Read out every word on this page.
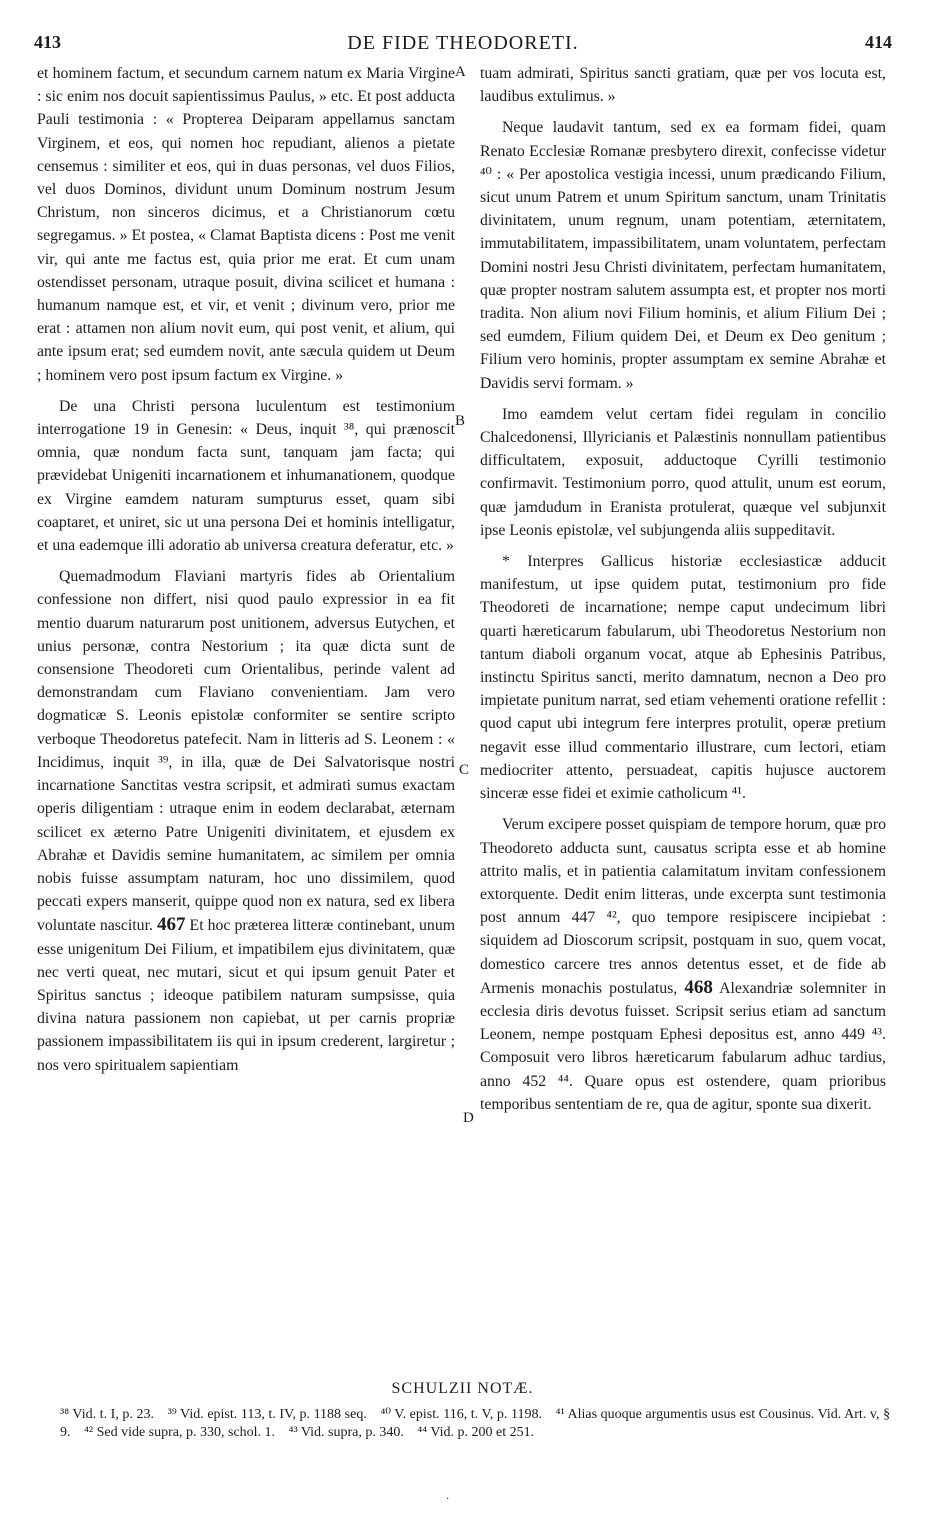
413	DE FIDE THEODORETI.	414
A
B
C
D

et hominem factum, et secundum carnem natum ex Maria Virgine : sic enim nos docuit sapientissimus Paulus, » etc. Et post adducta Pauli testimonia : « Propterea Deiparam appellamus sanctam Virginem, et eos, qui nomen hoc repudiant, alienos a pietate censemus : similiter et eos, qui in duas personas, vel duos Filios, vel duos Dominos, dividunt unum Dominum nostrum Jesum Christum, non sinceros dicimus, et a Christianorum cœtu segregamus. » Et postea, « Clamat Baptista dicens : Post me venit vir, qui ante me factus est, quia prior me erat. Et cum unam ostendisset personam, utraque posuit, divina scilicet et humana : humanum namque est, et vir, et venit ; divinum vero, prior me erat : attamen non alium novit eum, qui post venit, et alium, qui ante ipsum erat; sed eumdem novit, ante sæcula quidem ut Deum ; hominem vero post ipsum factum ex Virgine. »

De una Christi persona luculentum est testimonium interrogatione 19 in Genesin: « Deus, inquit ³⁸, qui prænoscit omnia, quæ nondum facta sunt, tanquam jam facta; qui prævidebat Unigeniti incarnationem et inhumanationem, quodque ex Virgine eamdem naturam sumpturus esset, quam sibi coaptaret, et uniret, sic ut una persona Dei et hominis intelligatur, et una eademque illi adoratio ab universa creatura deferatur, etc. »

Quemadmodum Flaviani martyris fides ab Orientalium confessione non differt, nisi quod paulo expressior in ea fit mentio duarum naturarum post unitionem, adversus Eutychen, et unius personæ, contra Nestorium ; ita quæ dicta sunt de consensione Theodoreti cum Orientalibus, perinde valent ad demonstrandam cum Flaviano convenientiam. Jam vero dogmaticæ S. Leonis epistolæ conformiter se sentire scripto verboque Theodoretus patefecit. Nam in litteris ad S. Leonem : « Incidimus, inquit ³⁹, in illa, quæ de Dei Salvatorisque nostri incarnatione Sanctitas vestra scripsit, et admirati sumus exactam operis diligentiam : utraque enim in eodem declarabat, æternam scilicet ex æterno Patre Unigeniti divinitatem, et ejusdem ex Abrahæ et Davidis semine humanitatem, ac similem per omnia nobis fuisse assumptam naturam, hoc uno dissimilem, quod peccati expers manserit, quippe quod non ex natura, sed ex libera voluntate nascitur. 467 Et hoc præterea litteræ continebant, unum esse unigenitum Dei Filium, et impatibilem ejus divinitatem, quæ nec verti queat, nec mutari, sicut et qui ipsum genuit Pater et Spiritus sanctus ; ideoque patibilem naturam sumpsisse, quia divina natura passionem non capiebat, ut per carnis propriæ passionem impassibilitatem iis qui in ipsum crederent, largiretur ; nos vero spiritualem sapientiam

tuam admirati, Spiritus sancti gratiam, quæ per vos locuta est, laudibus extulimus. »

Neque laudavit tantum, sed ex ea formam fidei, quam Renato Ecclesiæ Romanæ presbytero direxit, confecisse videtur ⁴⁰ : « Per apostolica vestigia incessi, unum prædicando Filium, sicut unum Patrem et unum Spiritum sanctum, unam Trinitatis divinitatem, unum regnum, unam potentiam, æternitatem, immutabilitatem, impassibilitatem, unam voluntatem, perfectam Domini nostri Jesu Christi divinitatem, perfectam humanitatem, quæ propter nostram salutem assumpta est, et propter nos morti tradita. Non alium novi Filium hominis, et alium Filium Dei ; sed eumdem, Filium quidem Dei, et Deum ex Deo genitum ; Filium vero hominis, propter assumptam ex semine Abrahæ et Davidis servi formam. »

Imo eamdem velut certam fidei regulam in concilio Chalcedonensi, Illyricianis et Palæstinis nonnullam patientibus difficultatem, exposuit, adductoque Cyrilli testimonio confirmavit. Testimonium porro, quod attulit, unum est eorum, quæ jamdudum in Eranista protulerat, quæque vel subjunxit ipse Leonis epistolæ, vel subjungenda aliis suppeditavit.

* Interpres Gallicus historiæ ecclesiasticæ adducit manifestum, ut ipse quidem putat, testimonium pro fide Theodoreti de incarnatione; nempe caput undecimum libri quarti hæreticarum fabularum, ubi Theodoretus Nestorium non tantum diaboli organum vocat, atque ab Ephesinis Patribus, instinctu Spiritus sancti, merito damnatum, necnon a Deo pro impietate punitum narrat, sed etiam vehementi oratione refellit : quod caput ubi integrum fere interpres protulit, operæ pretium negavit esse illud commentario illustrare, cum lectori, etiam mediocriter attento, persuadeat, capitis hujusce auctorem sinceræ esse fidei et eximie catholicum ⁴¹.

Verum excipere posset quispiam de tempore horum, quæ pro Theodoreto adducta sunt, causatus scripta esse et ab homine attrito malis, et in patientia calamitatum invitam confessionem extorquente. Dedit enim litteras, unde excerpta sunt testimonia post annum 447 ⁴², quo tempore resipiscere incipiebat : siquidem ad Dioscorum scripsit, postquam in suo, quem vocat, domestico carcere tres annos detentus esset, et de fide ab Armenis monachis postulatus, 468 Alexandriæ solemniter in ecclesia diris devotus fuisset. Scripsit serius etiam ad sanctum Leonem, nempe postquam Ephesi depositus est, anno 449 ⁴³. Composuit vero libros hæreticarum fabularum adhuc tardius, anno 452 ⁴⁴. Quare opus est ostendere, quam prioribus temporibus sententiam de re, qua de agitur, sponte sua dixerit.

SCHULZII NOTÆ.
³⁸ Vid. t. I, p. 23. ³⁹ Vid. epist. 113, t. IV, p. 1188 seq. ⁴⁰ V. epist. 116, t. V, p. 1198. ⁴¹ Alias quoque argumentis usus est Cousinus. Vid. Art. v, § 9. ⁴² Sed vide supra, p. 330, schol. 1. ⁴³ Vid. supra, p. 340. ⁴⁴ Vid. p. 200 et 251.
·
